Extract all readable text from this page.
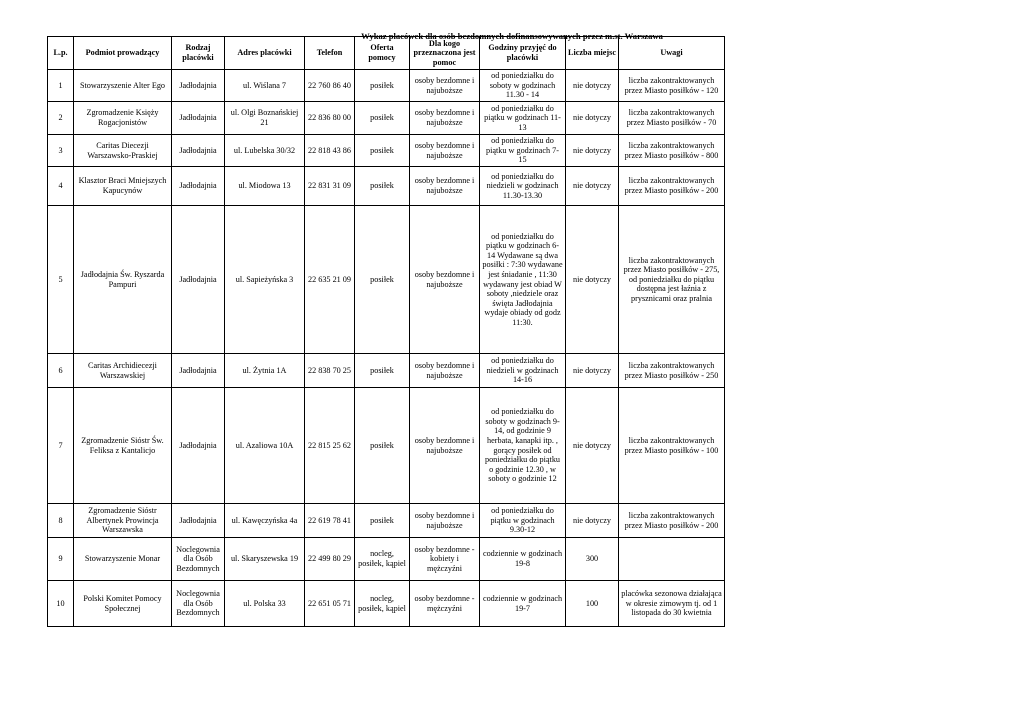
Wykaz placówek dla osób bezdomnych dofinansowywanych przez m.st. Warszawa
L.p.	Podmiot prowadzący	Rodzaj placówki	Adres placówki	Telefon	Oferta pomocy	Dla kogo przeznaczona jest pomoc	Godziny przyjęć do placówki	Liczba miejsc	Uwagi
1	Stowarzyszenie Alter Ego	Jadłodajnia	ul. Wiślana 7	22 760 86 40	posiłek	osoby bezdomne i najuboższe	od poniedziałku do soboty w godzinach 11.30 - 14	nie dotyczy	liczba zakontraktowanych przez Miasto posiłków - 120
2	Zgromadzenie Księży Rogacjonistów	Jadłodajnia	ul. Olgi Boznańskiej 21	22 836 80 00	posiłek	osoby bezdomne i najuboższe	od poniedziałku do piątku w godzinach 11-13	nie dotyczy	liczba zakontraktowanych przez Miasto posiłków - 70
3	Caritas Diecezji Warszawsko-Praskiej	Jadłodajnia	ul. Lubelska 30/32	22 818 43 86	posiłek	osoby bezdomne i najuboższe	od poniedziałku do piątku w godzinach 7-15	nie dotyczy	liczba zakontraktowanych przez Miasto posiłków - 800
4	Klasztor Braci Mniejszych Kapucynów	Jadłodajnia	ul. Miodowa 13	22 831 31 09	posiłek	osoby bezdomne i najuboższe	od poniedziałku do niedzieli w godzinach 11.30-13.30	nie dotyczy	liczba zakontraktowanych przez Miasto posiłków - 200
5	Jadłodajnia Św. Ryszarda Pampuri	Jadłodajnia	ul. Sapieżyńska 3	22 635 21 09	posiłek	osoby bezdomne i najuboższe	od poniedziałku do piątku w godzinach 6-14 Wydawane są dwa posiłki : 7:30 wydawane jest śniadanie , 11:30 wydawany jest obiad W soboty ,niedziele oraz święta Jadłodajnia wydaje obiady od godz 11:30.	nie dotyczy	liczba zakontraktowanych przez Miasto posiłków - 275, od poniedziałku do piątku dostępna jest łaźnia z prysznicami oraz pralnia
6	Caritas Archidiecezji Warszawskiej	Jadłodajnia	ul. Żytnia 1A	22 838 70 25	posiłek	osoby bezdomne i najuboższe	od poniedziałku do niedzieli w godzinach 14-16	nie dotyczy	liczba zakontraktowanych przez Miasto posiłków - 250
7	Zgromadzenie Sióstr Św. Feliksa z Kantalicjo	Jadłodajnia	ul. Azaliowa 10A	22 815 25 62	posiłek	osoby bezdomne i najuboższe	od poniedziałku do soboty w godzinach 9-14, od godzinie 9 herbata, kanapki itp. , gorący posiłek od poniedziałku do piątku o godzinie 12.30 , w soboty o godzinie 12	nie dotyczy	liczba zakontraktowanych przez Miasto posiłków - 100
8	Zgromadzenie Sióstr Albertynek Prowincja Warszawska	Jadłodajnia	ul. Kawęczyńska 4a	22 619 78 41	posiłek	osoby bezdomne i najuboższe	od poniedziałku do piątku w godzinach 9.30-12	nie dotyczy	liczba zakontraktowanych przez Miasto posiłków - 200
9	Stowarzyszenie Monar	Noclegownia dla Osób Bezdomnych	ul. Skaryszewska 19	22 499 80 29	nocleg, posiłek, kąpiel	osoby bezdomne - kobiety i mężczyźni	codziennie w godzinach 19-8	300	
10	Polski Komitet Pomocy Społecznej	Noclegownia dla Osób Bezdomnych	ul. Polska 33	22 651 05 71	nocleg, posiłek, kąpiel	osoby bezdomne - mężczyźni	codziennie w godzinach 19-7	100	placówka sezonowa działająca w okresie zimowym tj. od 1 listopada do 30 kwietnia
